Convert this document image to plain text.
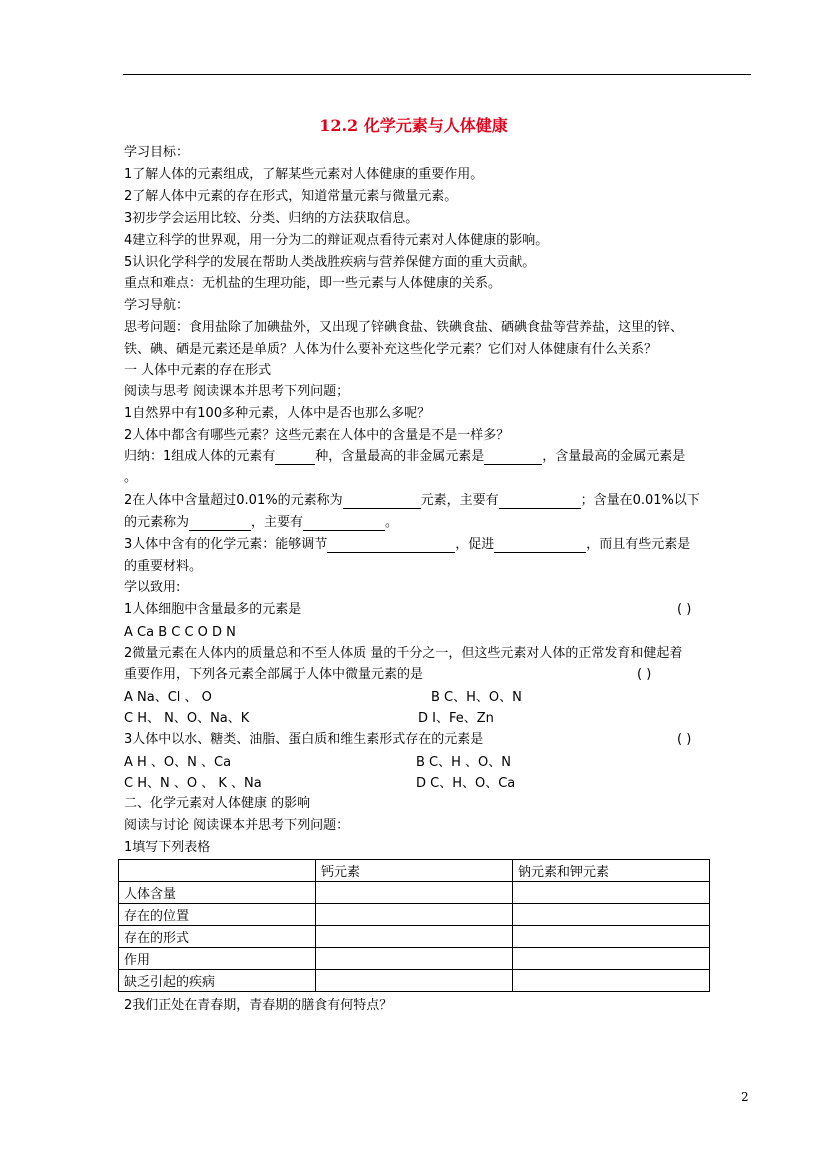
12.2 化学元素与人体健康
学习目标：
1了解人体的元素组成，了解某些元素对人体健康的重要作用。
2了解人体中元素的存在形式，知道常量元素与微量元素。
3初步学会运用比较、分类、归纳的方法获取信息。
4建立科学的世界观，用一分为二的辩证观点看待元素对人体健康的影响。
5认识化学科学的发展在帮助人类战胜疾病与营养保健方面的重大贡献。
重点和难点：无机盐的生理功能，即一些元素与人体健康的关系。
学习导航：
思考问题：食用盐除了加碘盐外，又出现了锌碘食盐、铁碘食盐、硒碘食盐等营养盐，这里的锌、
铁、碘、硒是元素还是单质？人体为什么要补充这些化学元素？它们对人体健康有什么关系？
一 人体中元素的存在形式
阅读与思考 阅读课本并思考下列问题；
1自然界中有100多种元素，人体中是否也那么多呢？
2人体中都含有哪些元素？这些元素在人体中的含量是不是一样多？
归纳：1组成人体的元素有	种，含量最高的非金属元素是	，含量最高的金属元素是
。
2在人体中含量超过0.01%的元素称为	元素，主要有	；含量在0.01%以下
的元素称为	，主要有	。
3人体中含有的化学元素：能够调节	，促进	，而且有些元素是
的重要材料。
学以致用:
1人体细胞中含量最多的元素是	( )
A Ca B C C O D N
2微量元素在人体内的质量总和不至人体质 量的千分之一，但这些元素对人体的正常发育和健起着
重要作用，下列各元素全部属于人体中微量元素的是	( )
A Na、Cl 、 O	B C、H、O、N
C H、 N、O、Na、K	D I、Fe、Zn
3人体中以水、糖类、油脂、蛋白质和维生素形式存在的元素是	( )
A H 、O、N 、Ca	B C、H 、O、N
C H、N 、O 、 K 、Na	D C、H、O、Ca
二、化学元素对人体健康 的影响
阅读与讨论 阅读课本并思考下列问题：
1填写下列表格
	钙元素	钠元素和钾元素
人体含量		
存在的位置		
存在的形式		
作用		
缺乏引起的疾病		
2我们正处在青春期，青春期的膳食有何特点？
2
